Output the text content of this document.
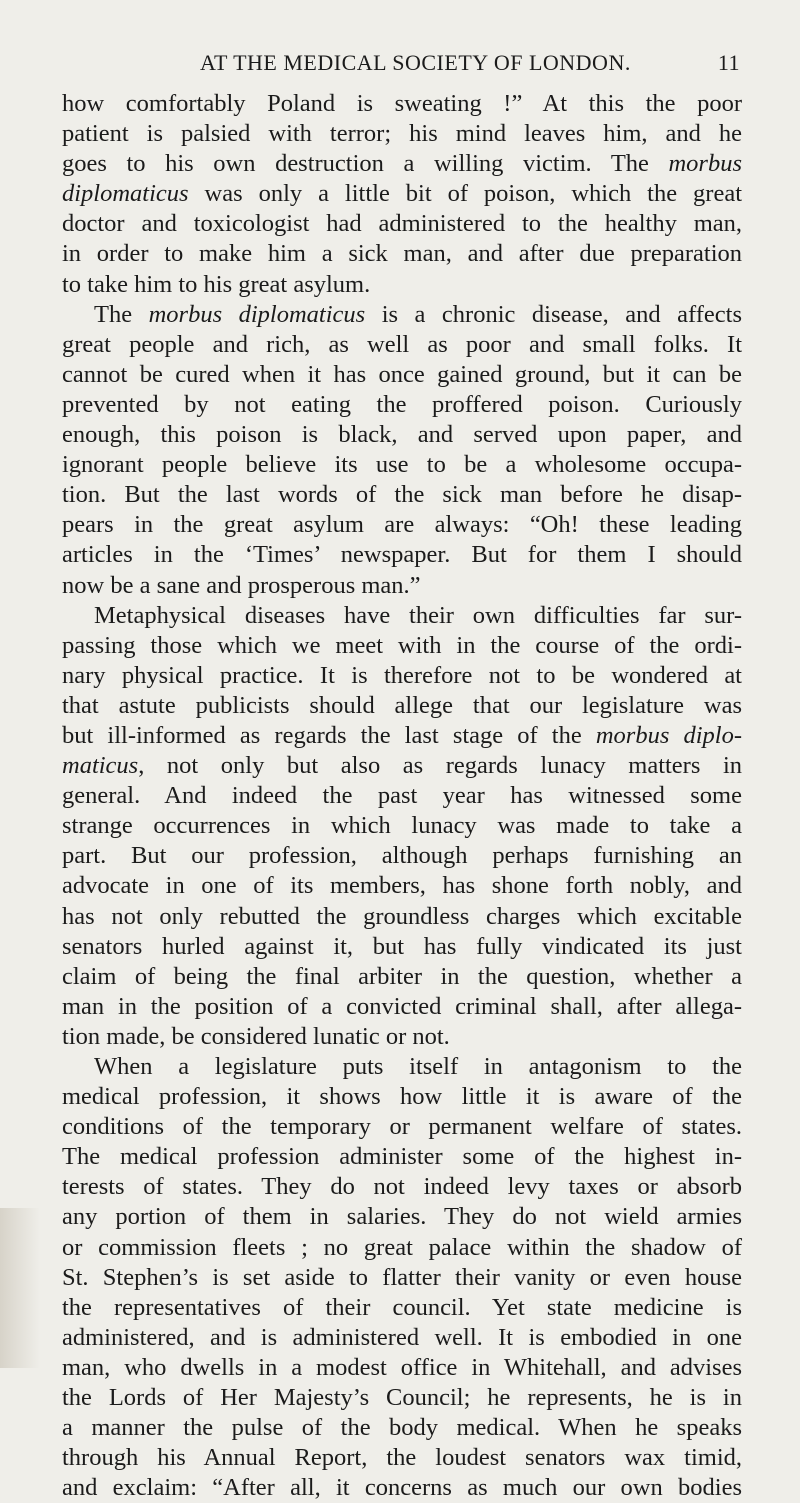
AT THE MEDICAL SOCIETY OF LONDON.	11
how comfortably Poland is sweating !” At this the poor
patient is palsied with terror; his mind leaves him, and he
goes to his own destruction a willing victim. The morbus
diplomaticus was only a little bit of poison, which the great
doctor and toxicologist had administered to the healthy man,
in order to make him a sick man, and after due preparation
to take him to his great asylum.
The morbus diplomaticus is a chronic disease, and affects
great people and rich, as well as poor and small folks. It
cannot be cured when it has once gained ground, but it can be
prevented by not eating the proffered poison. Curiously
enough, this poison is black, and served upon paper, and
ignorant people believe its use to be a wholesome occupa-
tion. But the last words of the sick man before he disap-
pears in the great asylum are always: “Oh! these leading
articles in the ‘Times’ newspaper. But for them I should
now be a sane and prosperous man.”
Metaphysical diseases have their own difficulties far sur-
passing those which we meet with in the course of the ordi-
nary physical practice. It is therefore not to be wondered at
that astute publicists should allege that our legislature was
but ill-informed as regards the last stage of the morbus diplo-
maticus, not only but also as regards lunacy matters in
general. And indeed the past year has witnessed some
strange occurrences in which lunacy was made to take a
part. But our profession, although perhaps furnishing an
advocate in one of its members, has shone forth nobly, and
has not only rebutted the groundless charges which excitable
senators hurled against it, but has fully vindicated its just
claim of being the final arbiter in the question, whether a
man in the position of a convicted criminal shall, after allega-
tion made, be considered lunatic or not.
When a legislature puts itself in antagonism to the
medical profession, it shows how little it is aware of the
conditions of the temporary or permanent welfare of states.
The medical profession administer some of the highest in-
terests of states. They do not indeed levy taxes or absorb
any portion of them in salaries. They do not wield armies
or commission fleets ; no great palace within the shadow of
St. Stephen’s is set aside to flatter their vanity or even house
the representatives of their council. Yet state medicine is
administered, and is administered well. It is embodied in one
man, who dwells in a modest office in Whitehall, and advises
the Lords of Her Majesty’s Council; he represents, he is in
a manner the pulse of the body medical. When he speaks
through his Annual Report, the loudest senators wax timid,
and exclaim: “After all, it concerns as much our own bodies
